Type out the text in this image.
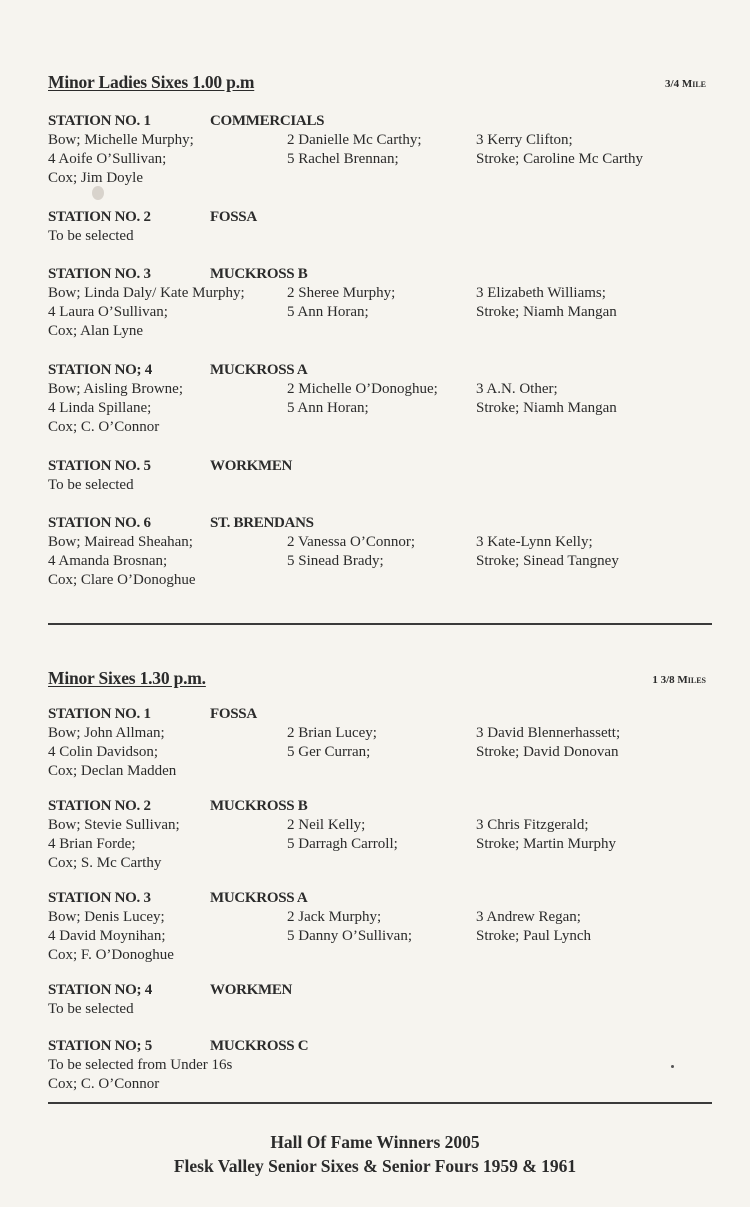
Minor Ladies Sixes 1.00 p.m	3/4 Mile
STATION NO. 1	COMMERCIALS
Bow; Michelle Murphy;	2 Danielle Mc Carthy;	3 Kerry Clifton;
4 Aoife O’Sullivan;	5 Rachel Brennan;	Stroke; Caroline Mc Carthy
Cox; Jim Doyle
STATION NO. 2	FOSSA
To be selected
STATION NO. 3	MUCKROSS B
Bow; Linda Daly/ Kate Murphy;	2 Sheree Murphy;	3 Elizabeth Williams;
4 Laura O’Sullivan;	5 Ann Horan;	Stroke; Niamh Mangan
Cox; Alan Lyne
STATION NO; 4	MUCKROSS A
Bow; Aisling Browne;	2 Michelle O’Donoghue;	3 A.N. Other;
4 Linda Spillane;	5 Ann Horan;	Stroke; Niamh Mangan
Cox; C. O’Connor
STATION NO. 5	WORKMEN
To be selected
STATION NO. 6	ST. BRENDANS
Bow; Mairead Sheahan;	2 Vanessa O’Connor;	3 Kate-Lynn Kelly;
4 Amanda Brosnan;	5 Sinead Brady;	Stroke; Sinead Tangney
Cox; Clare O’Donoghue
Minor Sixes 1.30 p.m.	1 3/8 Miles
STATION NO. 1	FOSSA
Bow; John Allman;	2 Brian Lucey;	3 David Blennerhassett;
4 Colin Davidson;	5 Ger Curran;	Stroke; David Donovan
Cox; Declan Madden
STATION NO. 2	MUCKROSS B
Bow; Stevie Sullivan;	2 Neil Kelly;	3 Chris Fitzgerald;
4 Brian Forde;	5 Darragh Carroll;	Stroke; Martin Murphy
Cox; S. Mc Carthy
STATION NO. 3	MUCKROSS A
Bow; Denis Lucey;	2 Jack Murphy;	3 Andrew Regan;
4 David Moynihan;	5 Danny O’Sullivan;	Stroke; Paul Lynch
Cox; F. O’Donoghue
STATION NO; 4	WORKMEN
To be selected
STATION NO; 5	MUCKROSS C
To be selected from Under 16s
Cox; C. O’Connor
Hall Of Fame Winners 2005
Flesk Valley Senior Sixes & Senior Fours 1959 & 1961
